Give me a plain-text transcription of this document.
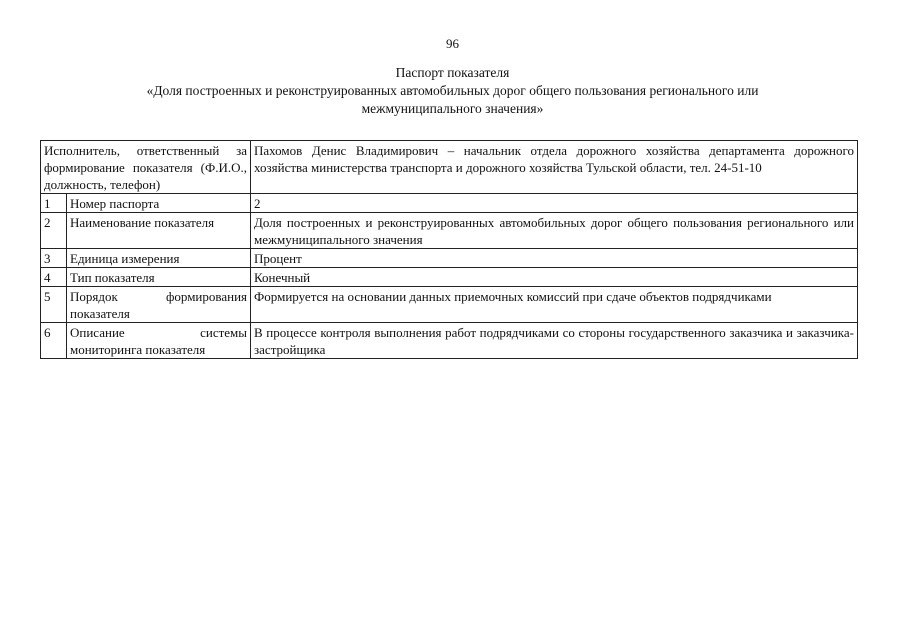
96
Паспорт показателя
«Доля построенных и реконструированных автомобильных дорог общего пользования регионального или
межмуниципального значения»
Исполнитель, ответственный за формирование показателя (Ф.И.О., должность, телефон)		Пахомов Денис Владимирович – начальник отдела дорожного хозяйства департамента дорожного хозяйства министерства транспорта и дорожного хозяйства Тульской области, тел. 24-51-10
1	Номер паспорта	2
2	Наименование показателя	Доля построенных и реконструированных автомобильных дорог общего пользования регионального или межмуниципального значения
3	Единица измерения	Процент
4	Тип показателя	Конечный
5	Порядок формирования показателя	Формируется на основании данных приемочных комиссий при сдаче объектов подрядчиками
6	Описание системы мониторинга показателя	В процессе контроля выполнения работ подрядчиками со стороны государственного заказчика и заказчика-застройщика
